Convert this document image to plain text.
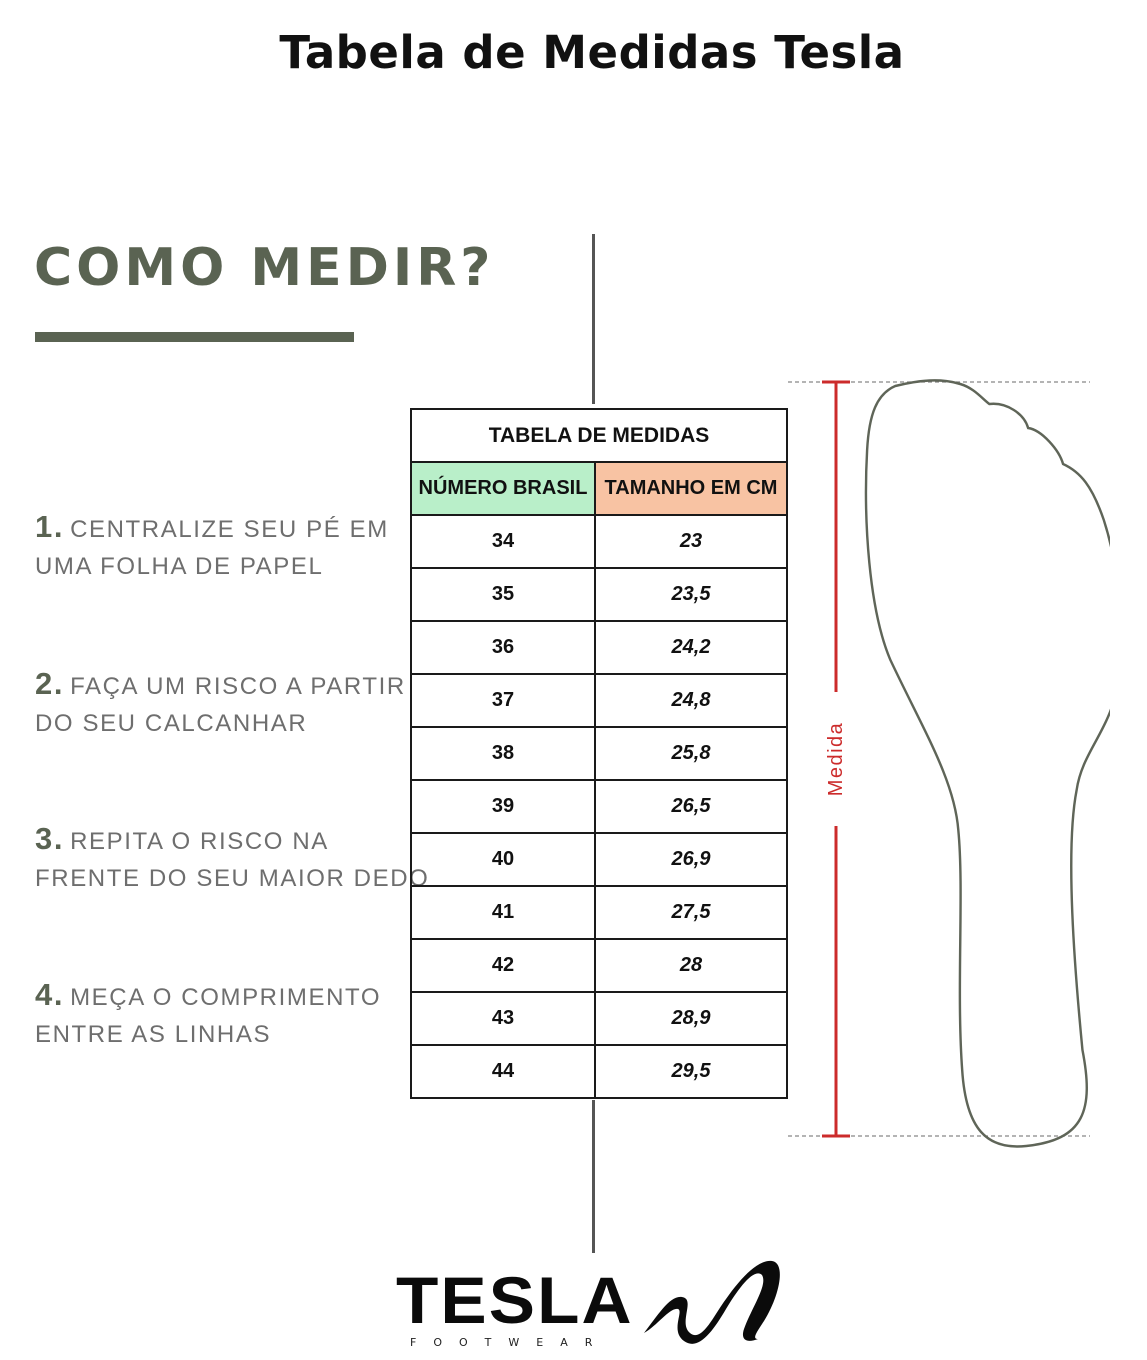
Tabela de Medidas Tesla
COMO MEDIR?
1. CENTRALIZE SEU PÉ EM
UMA FOLHA DE PAPEL
2. FAÇA UM RISCO A PARTIR
DO SEU CALCANHAR
3. REPITA O RISCO NA
FRENTE DO SEU MAIOR DEDO
4. MEÇA O COMPRIMENTO
ENTRE AS LINHAS
TABELA DE MEDIDAS	
NÚMERO BRASIL	TAMANHO EM CM
34	23
35	23,5
36	24,2
37	24,8
38	25,8
39	26,5
40	26,9
41	27,5
42	28
43	28,9
44	29,5
Medida
TESLA
FOOTWEAR
